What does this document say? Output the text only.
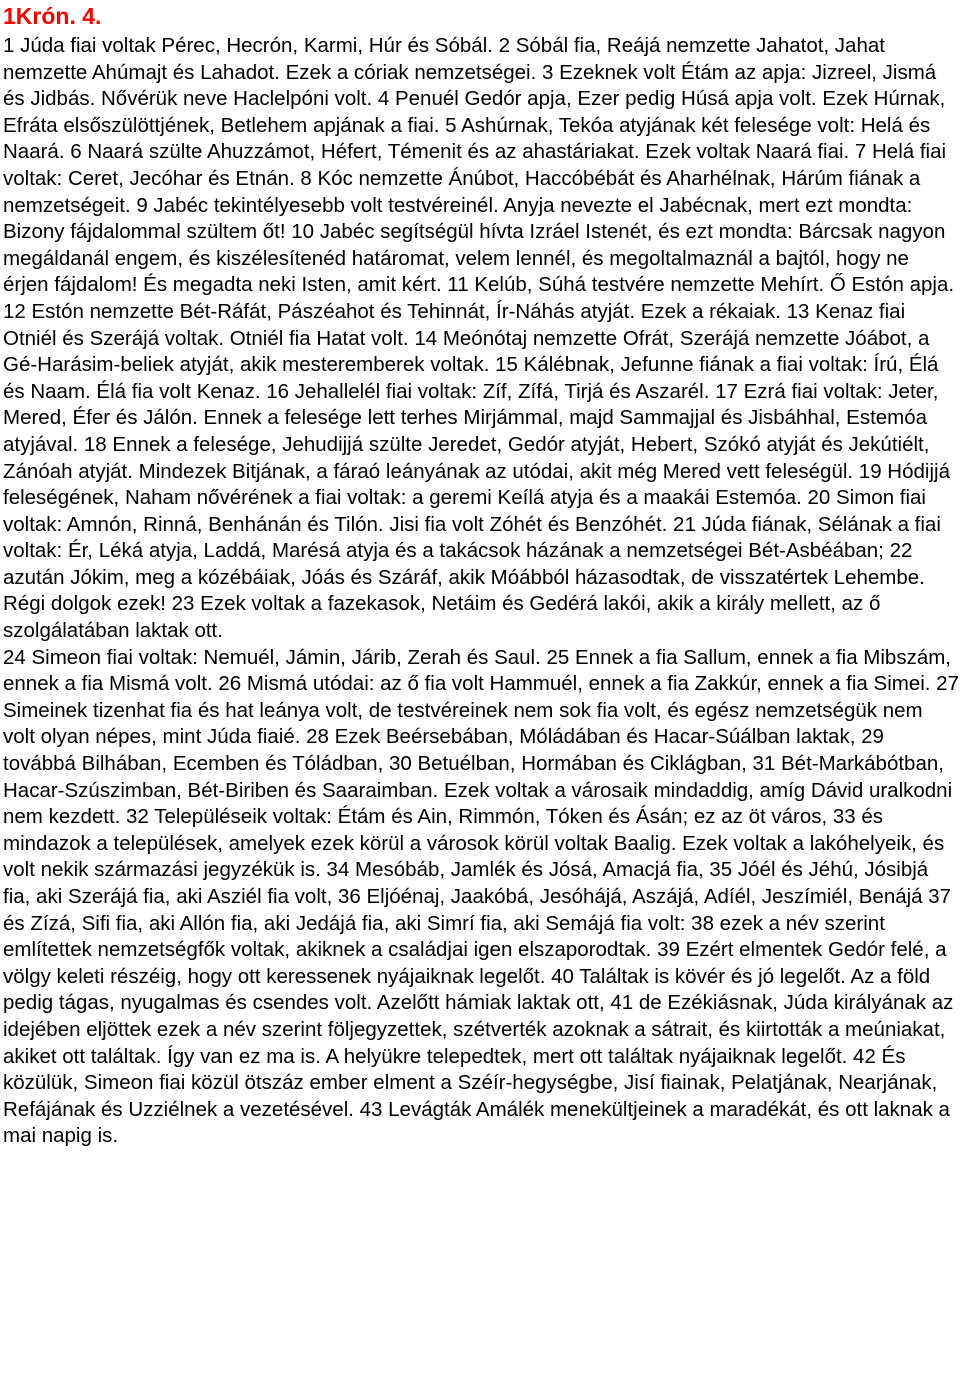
1Krón. 4.

1 Júda fiai voltak Pérec, Hecrón, Karmi, Húr és Sóbál. 2 Sóbál fia, Reájá nemzette Jahatot, Jahat nemzette Ahúmajt és Lahadot. Ezek a córiak nemzetségei. 3 Ezeknek volt Étám az apja: Jizreel, Jismá és Jidbás. Nővérük neve Haclelpóni volt. 4 Penuél Gedór apja, Ezer pedig Húsá apja volt. Ezek Húrnak, Efráta elsőszülöttjének, Betlehem apjának a fiai. 5 Ashúrnak, Tekóa atyjának két felesége volt: Helá és Naará. 6 Naará szülte Ahuzzámot, Héfert, Témenit és az ahastáriakat. Ezek voltak Naará fiai. 7 Helá fiai voltak: Ceret, Jecóhar és Etnán. 8 Kóc nemzette Ánúbot, Haccóbébát és Aharhélnak, Hárúm fiának a nemzetségeit. 9 Jabéc tekintélyesebb volt testvéreinél. Anyja nevezte el Jabécnak, mert ezt mondta: Bizony fájdalommal szültem őt! 10 Jabéc segítségül hívta Izráel Istenét, és ezt mondta: Bárcsak nagyon megáldanál engem, és kiszélesítenéd határomat, velem lennél, és megoltalmaznál a bajtól, hogy ne érjen fájdalom! És megadta neki Isten, amit kért. 11 Kelúb, Súhá testvére nemzette Mehírt. Ő Estón apja. 12 Estón nemzette Bét-Ráfát, Pászéahot és Tehinnát, Ír-Náhás atyját. Ezek a rékaiak. 13 Kenaz fiai Otniél és Szerájá voltak. Otniél fia Hatat volt. 14 Meónótaj nemzette Ofrát, Szerájá nemzette Jóábot, a Gé-Harásim-beliek atyját, akik mesteremberek voltak. 15 Kálébnak, Jefunne fiának a fiai voltak: Írú, Élá és Naam. Élá fia volt Kenaz. 16 Jehallelél fiai voltak: Zíf, Zífá, Tirjá és Aszarél. 17 Ezrá fiai voltak: Jeter, Mered, Éfer és Jálón. Ennek a felesége lett terhes Mirjámmal, majd Sammajjal és Jisbáhhal, Estemóa atyjával. 18 Ennek a felesége, Jehudijjá szülte Jeredet, Gedór atyját, Hebert, Szókó atyját és Jekútiélt, Zánóah atyját. Mindezek Bitjának, a fáraó leányának az utódai, akit még Mered vett feleségül. 19 Hódijjá feleségének, Naham nővérének a fiai voltak: a geremi Keílá atyja és a maakái Estemóa. 20 Simon fiai voltak: Amnón, Rinná, Benhánán és Tilón. Jisi fia volt Zóhét és Benzóhét. 21 Júda fiának, Sélának a fiai voltak: Ér, Léká atyja, Laddá, Marésá atyja és a takácsok házának a nemzetségei Bét-Asbéában; 22 azután Jókim, meg a kózébáiak, Jóás és Száráf, akik Móábból házasodtak, de visszatértek Lehembe. Régi dolgok ezek! 23 Ezek voltak a fazekasok, Netáim és Gedérá lakói, akik a király mellett, az ő szolgálatában laktak ott.

24 Simeon fiai voltak: Nemuél, Jámin, Járib, Zerah és Saul. 25 Ennek a fia Sallum, ennek a fia Mibszám, ennek a fia Mismá volt. 26 Mismá utódai: az ő fia volt Hammuél, ennek a fia Zakkúr, ennek a fia Simei. 27 Simeinek tizenhat fia és hat leánya volt, de testvéreinek nem sok fia volt, és egész nemzetségük nem volt olyan népes, mint Júda fiaié. 28 Ezek Beérsebában, Móládában és Hacar-Súálban laktak, 29 továbbá Bilhában, Ecemben és Tóládban, 30 Betuélban, Hormában és Ciklágban, 31 Bét-Markábótban, Hacar-Szúszimban, Bét-Biriben és Saaraimban. Ezek voltak a városaik mindaddig, amíg Dávid uralkodni nem kezdett. 32 Településeik voltak: Étám és Ain, Rimmón, Tóken és Ásán; ez az öt város, 33 és mindazok a települések, amelyek ezek körül a városok körül voltak Baalig. Ezek voltak a lakóhelyeik, és volt nekik származási jegyzékük is. 34 Mesóbáb, Jamlék és Jósá, Amacjá fia, 35 Jóél és Jéhú, Jósibjá fia, aki Szerájá fia, aki Asziél fia volt, 36 Eljóénaj, Jaakóbá, Jesóhájá, Aszájá, Adíél, Jeszímiél, Benájá 37 és Zízá, Sifi fia, aki Allón fia, aki Jedájá fia, aki Simrí fia, aki Semájá fia volt: 38 ezek a név szerint említettek nemzetségfők voltak, akiknek a családjai igen elszaporodtak. 39 Ezért elmentek Gedór felé, a völgy keleti részéig, hogy ott keressenek nyájaiknak legelőt. 40 Találtak is kövér és jó legelőt. Az a föld pedig tágas, nyugalmas és csendes volt. Azelőtt hámiak laktak ott, 41 de Ezékiásnak, Júda királyának az idejében eljöttek ezek a név szerint följegyzettek, szétverték azoknak a sátrait, és kiirtották a meúniakat, akiket ott találtak. Így van ez ma is. A helyükre telepedtek, mert ott találtak nyájaiknak legelőt. 42 És közülük, Simeon fiai közül ötszáz ember elment a Széír-hegységbe, Jisí fiainak, Pelatjának, Nearjának, Refájának és Uzziélnek a vezetésével. 43 Levágták Amálék menekültjeinek a maradékát, és ott laknak a mai napig is.
